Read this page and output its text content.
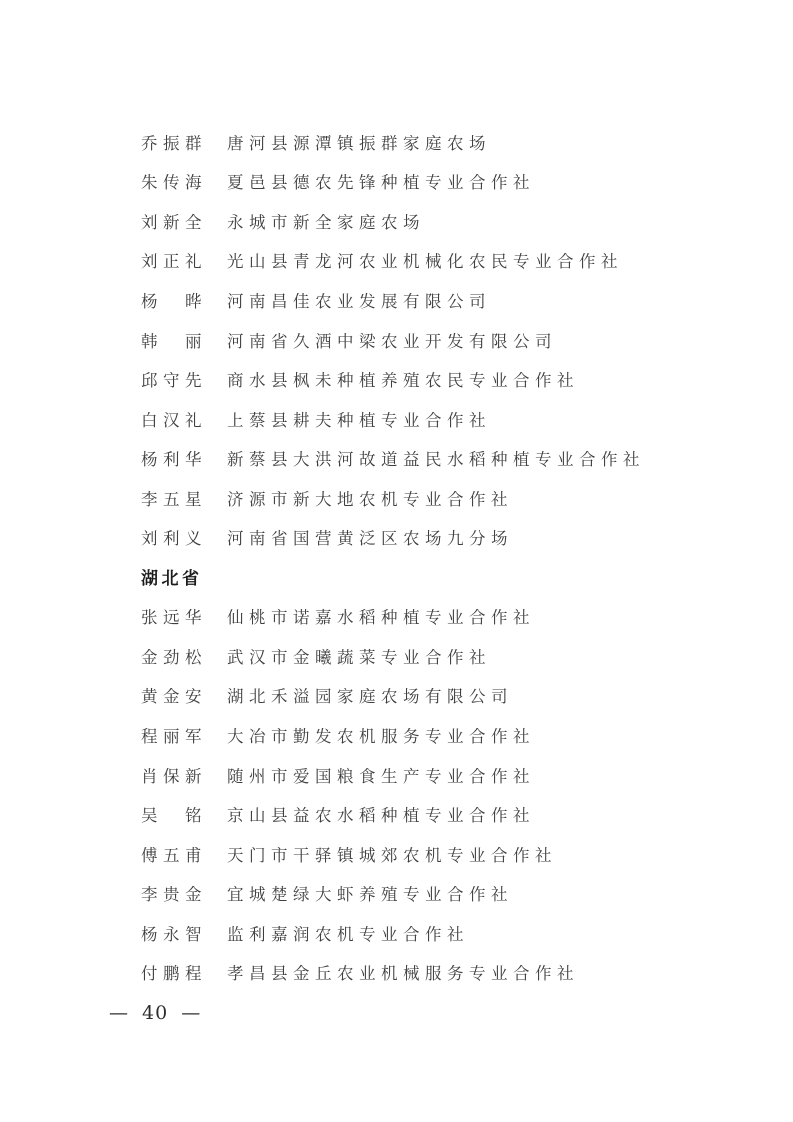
乔振群	唐河县源潭镇振群家庭农场
朱传海	夏邑县德农先锋种植专业合作社
刘新全	永城市新全家庭农场
刘正礼	光山县青龙河农业机械化农民专业合作社
杨　晔	河南昌佳农业发展有限公司
韩　丽	河南省久酒中梁农业开发有限公司
邱守先	商水县枫未种植养殖农民专业合作社
白汉礼	上蔡县耕夫种植专业合作社
杨利华	新蔡县大洪河故道益民水稻种植专业合作社
李五星	济源市新大地农机专业合作社
刘利义	河南省国营黄泛区农场九分场
湖北省
张远华	仙桃市诺嘉水稻种植专业合作社
金劲松	武汉市金曦蔬菜专业合作社
黄金安	湖北禾溢园家庭农场有限公司
程丽军	大冶市勤发农机服务专业合作社
肖保新	随州市爱国粮食生产专业合作社
吴　铭	京山县益农水稻种植专业合作社
傅五甫	天门市干驿镇城郊农机专业合作社
李贵金	宜城楚绿大虾养殖专业合作社
杨永智	监利嘉润农机专业合作社
付鹏程	孝昌县金丘农业机械服务专业合作社
— 40 —
